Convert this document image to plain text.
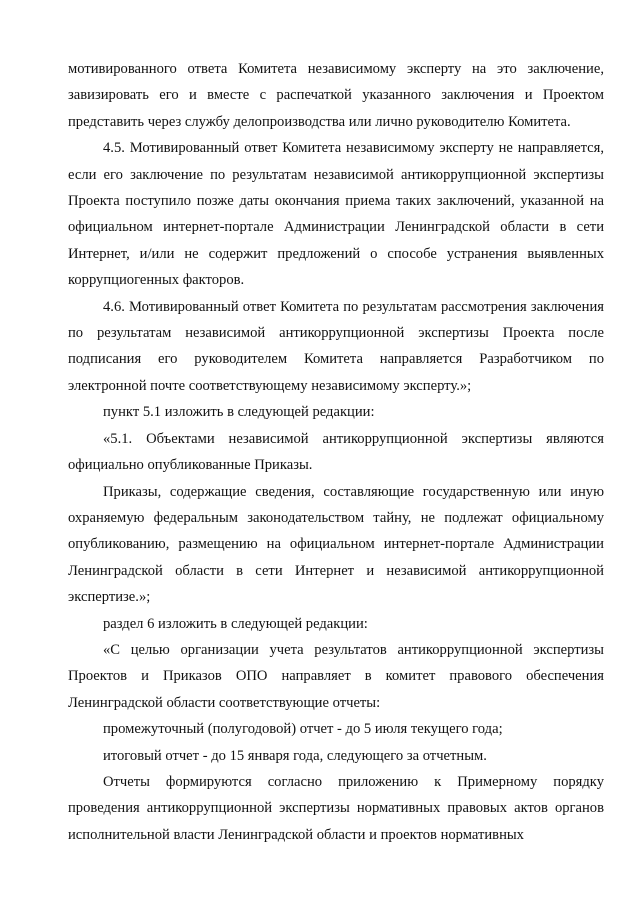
мотивированного ответа Комитета независимому эксперту на это заключение, завизировать его и вместе с распечаткой указанного заключения и Проектом представить через службу делопроизводства или лично руководителю Комитета.

4.5. Мотивированный ответ Комитета независимому эксперту не направляется, если его заключение по результатам независимой антикоррупционной экспертизы Проекта поступило позже даты окончания приема таких заключений, указанной на официальном интернет-портале Администрации Ленинградской области в сети Интернет, и/или не содержит предложений о способе устранения выявленных коррупциогенных факторов.

4.6. Мотивированный ответ Комитета по результатам рассмотрения заключения по результатам независимой антикоррупционной экспертизы Проекта после подписания его руководителем Комитета направляется Разработчиком по электронной почте соответствующему независимому эксперту.»;

пункт 5.1 изложить в следующей редакции:

«5.1. Объектами независимой антикоррупционной экспертизы являются официально опубликованные Приказы.

Приказы, содержащие сведения, составляющие государственную или иную охраняемую федеральным законодательством тайну, не подлежат официальному опубликованию, размещению на официальном интернет-портале Администрации Ленинградской области в сети Интернет и независимой антикоррупционной экспертизе.»;

раздел 6 изложить в следующей редакции:

«С целью организации учета результатов антикоррупционной экспертизы Проектов и Приказов ОПО направляет в комитет правового обеспечения Ленинградской области соответствующие отчеты:

промежуточный (полугодовой) отчет - до 5 июля текущего года;

итоговый отчет - до 15 января года, следующего за отчетным.

Отчеты формируются согласно приложению к Примерному порядку проведения антикоррупционной экспертизы нормативных правовых актов органов исполнительной власти Ленинградской области и проектов нормативных
